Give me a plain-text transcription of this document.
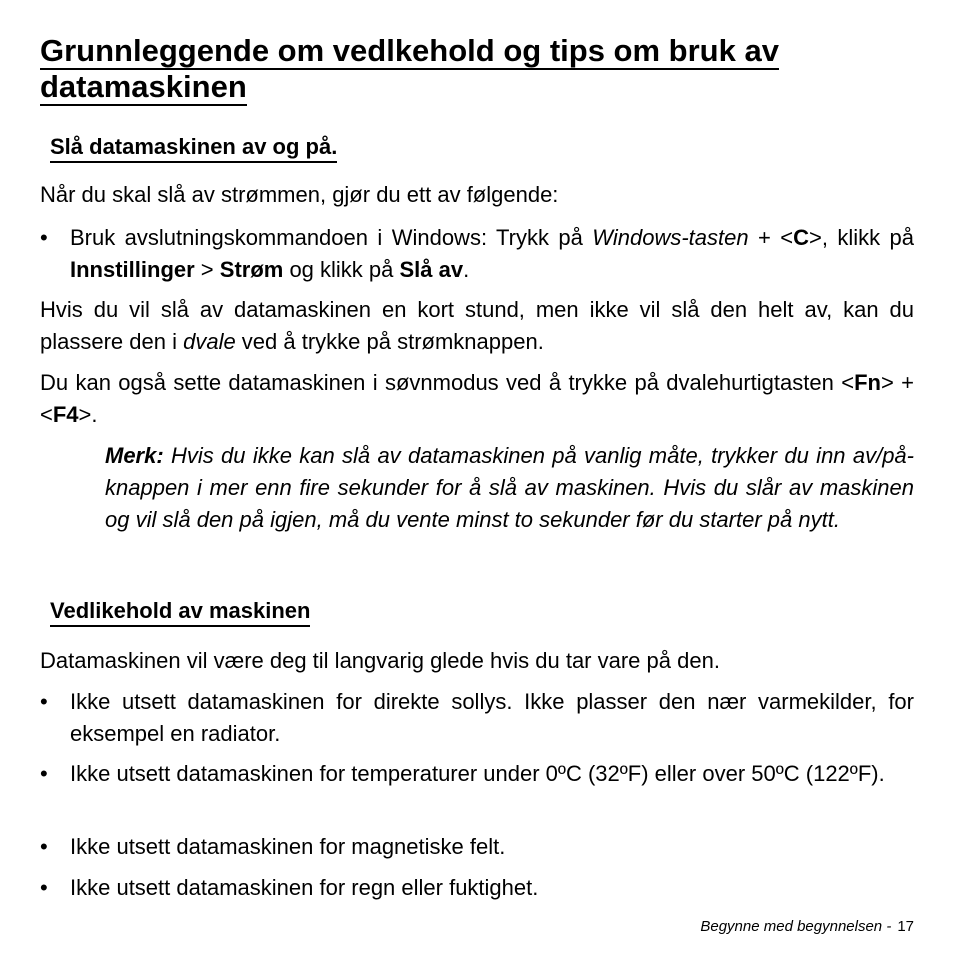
Grunnleggende om vedlkehold og tips om bruk av datamaskinen
Slå datamaskinen av og på.

Når du skal slå av strømmen, gjør du ett av følgende:

•	Bruk avslutningskommandoen i Windows: Trykk på Windows-tasten + <C>, klikk på Innstillinger > Strøm og klikk på Slå av.

Hvis du vil slå av datamaskinen en kort stund, men ikke vil slå den helt av, kan du plassere den i dvale ved å trykke på strømknappen.

Du kan også sette datamaskinen i søvnmodus ved å trykke på dvalehurtigtasten <Fn> + <F4>.

Merk: Hvis du ikke kan slå av datamaskinen på vanlig måte, trykker du inn av/på-knappen i mer enn fire sekunder for å slå av maskinen. Hvis du slår av maskinen og vil slå den på igjen, må du vente minst to sekunder før du starter på nytt.

Vedlikehold av maskinen

Datamaskinen vil være deg til langvarig glede hvis du tar vare på den.

•	Ikke utsett datamaskinen for direkte sollys. Ikke plasser den nær varmekilder, for eksempel en radiator.
•	Ikke utsett datamaskinen for temperaturer under 0ºC (32ºF) eller over 50ºC (122ºF).
•	Ikke utsett datamaskinen for magnetiske felt.
•	Ikke utsett datamaskinen for regn eller fuktighet.
Begynne med begynnelsen - 17
